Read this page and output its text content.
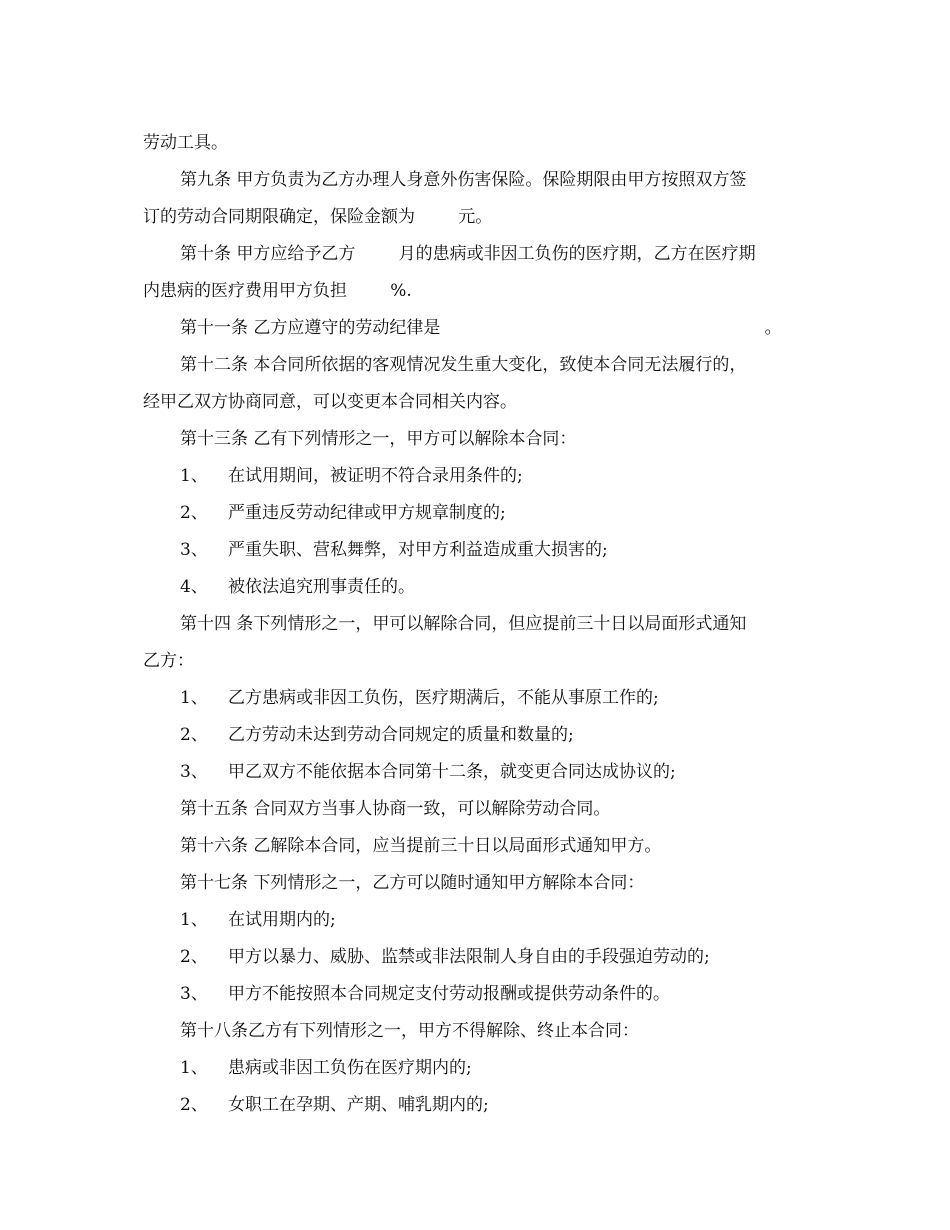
劳动工具。
第九条 甲方负责为乙方办理人身意外伤害保险。保险期限由甲方按照双方签
订的劳动合同期限确定，保险金额为        元。
第十条 甲方应给予乙方        月的患病或非因工负伤的医疗期，乙方在医疗期
内患病的医疗费用甲方负担        %.
第十一条 乙方应遵守的劳动纪律是                                                            。
第十二条 本合同所依据的客观情况发生重大变化，致使本合同无法履行的，
经甲乙双方协商同意，可以变更本合同相关内容。
第十三条 乙有下列情形之一，甲方可以解除本合同：
1、 在试用期间，被证明不符合录用条件的;
2、 严重违反劳动纪律或甲方规章制度的;
3、 严重失职、营私舞弊，对甲方利益造成重大损害的;
4、 被依法追究刑事责任的。
第十四 条下列情形之一，甲可以解除合同，但应提前三十日以局面形式通知
乙方：
1、 乙方患病或非因工负伤，医疗期满后，不能从事原工作的;
2、 乙方劳动未达到劳动合同规定的质量和数量的;
3、 甲乙双方不能依据本合同第十二条，就变更合同达成协议的;
第十五条 合同双方当事人协商一致，可以解除劳动合同。
第十六条 乙解除本合同，应当提前三十日以局面形式通知甲方。
第十七条 下列情形之一，乙方可以随时通知甲方解除本合同：
1、 在试用期内的;
2、 甲方以暴力、威胁、监禁或非法限制人身自由的手段强迫劳动的;
3、 甲方不能按照本合同规定支付劳动报酬或提供劳动条件的。
第十八条乙方有下列情形之一，甲方不得解除、终止本合同：
1、 患病或非因工负伤在医疗期内的;
2、 女职工在孕期、产期、哺乳期内的;
